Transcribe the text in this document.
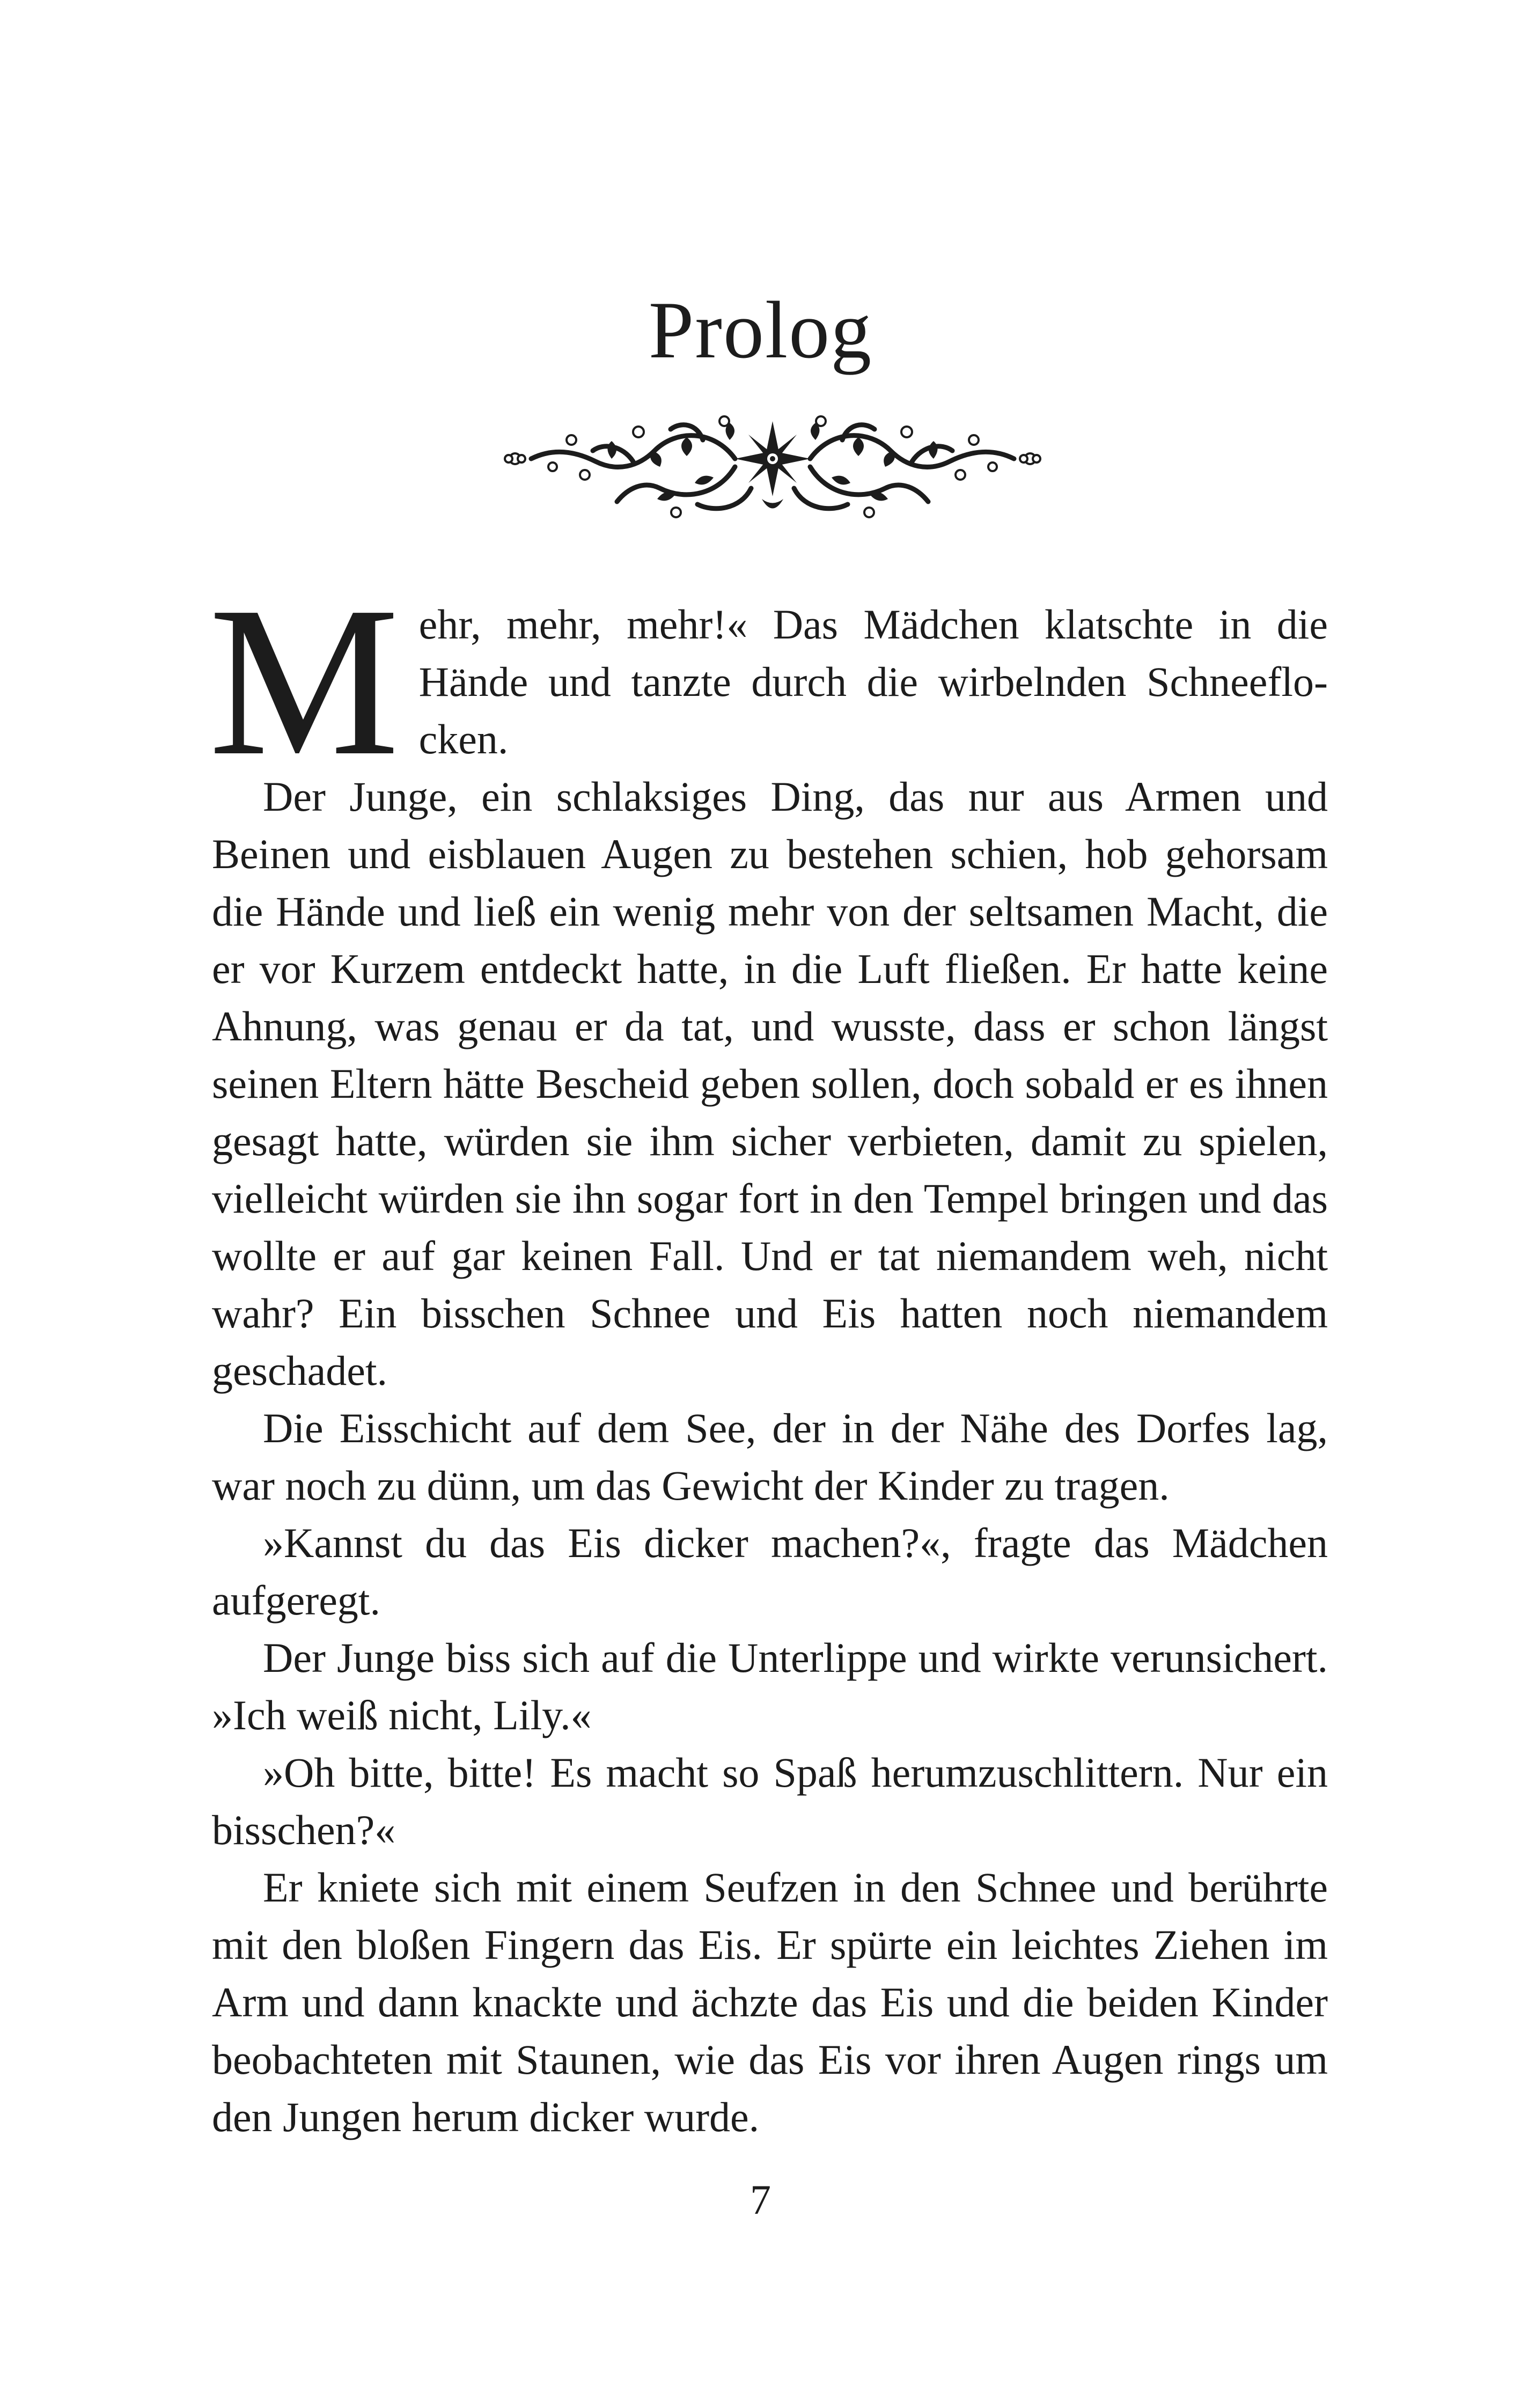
Prolog

Mehr, mehr, mehr!« Das Mädchen klatschte in die Hände und tanzte durch die wirbelnden Schneeflocken.

Der Junge, ein schlaksiges Ding, das nur aus Armen und Beinen und eisblauen Augen zu bestehen schien, hob gehorsam die Hände und ließ ein wenig mehr von der seltsamen Macht, die er vor Kurzem entdeckt hatte, in die Luft fließen. Er hatte keine Ahnung, was genau er da tat, und wusste, dass er schon längst seinen Eltern hätte Bescheid geben sollen, doch sobald er es ihnen gesagt hatte, würden sie ihm sicher verbieten, damit zu spielen, vielleicht würden sie ihn sogar fort in den Tempel bringen und das wollte er auf gar keinen Fall. Und er tat niemandem weh, nicht wahr? Ein bisschen Schnee und Eis hatten noch niemandem geschadet.

Die Eisschicht auf dem See, der in der Nähe des Dorfes lag, war noch zu dünn, um das Gewicht der Kinder zu tragen.

»Kannst du das Eis dicker machen?«, fragte das Mädchen aufgeregt.

Der Junge biss sich auf die Unterlippe und wirkte verunsichert. »Ich weiß nicht, Lily.«

»Oh bitte, bitte! Es macht so Spaß herumzuschlittern. Nur ein bisschen?«

Er kniete sich mit einem Seufzen in den Schnee und berührte mit den bloßen Fingern das Eis. Er spürte ein leichtes Ziehen im Arm und dann knackte und ächzte das Eis und die beiden Kinder beobachteten mit Staunen, wie das Eis vor ihren Augen rings um den Jungen herum dicker wurde.

7
